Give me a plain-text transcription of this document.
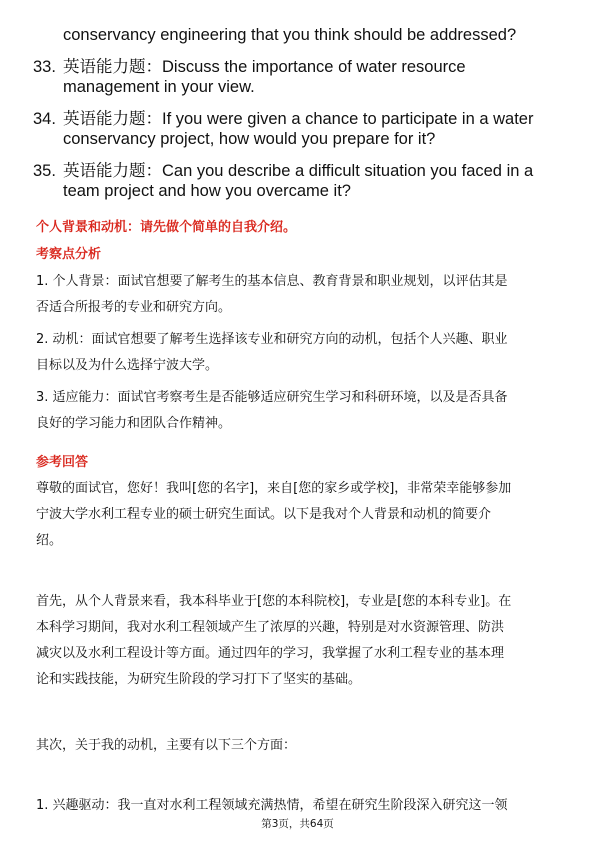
conservancy engineering that you think should be addressed?
33. 英语能力题：Discuss the importance of water resource
management in your view.
34. 英语能力题：If you were given a chance to participate in a water
conservancy project, how would you prepare for it?
35. 英语能力题：Can you describe a difficult situation you faced in a
team project and how you overcame it?
个人背景和动机：请先做个简单的自我介绍。
考察点分析
1. 个人背景：面试官想要了解考生的基本信息、教育背景和职业规划，以评估其是
否适合所报考的专业和研究方向。
2. 动机：面试官想要了解考生选择该专业和研究方向的动机，包括个人兴趣、职业
目标以及为什么选择宁波大学。
3. 适应能力：面试官考察考生是否能够适应研究生学习和科研环境，以及是否具备
良好的学习能力和团队合作精神。
参考回答
尊敬的面试官，您好！我叫[您的名字]，来自[您的家乡或学校]，非常荣幸能够参加
宁波大学水利工程专业的硕士研究生面试。以下是我对个人背景和动机的简要介
绍。
首先，从个人背景来看，我本科毕业于[您的本科院校]，专业是[您的本科专业]。在
本科学习期间，我对水利工程领域产生了浓厚的兴趣，特别是对水资源管理、防洪
减灾以及水利工程设计等方面。通过四年的学习，我掌握了水利工程专业的基本理
论和实践技能，为研究生阶段的学习打下了坚实的基础。
其次，关于我的动机，主要有以下三个方面：
1. 兴趣驱动：我一直对水利工程领域充满热情，希望在研究生阶段深入研究这一领
第3页，共64页
